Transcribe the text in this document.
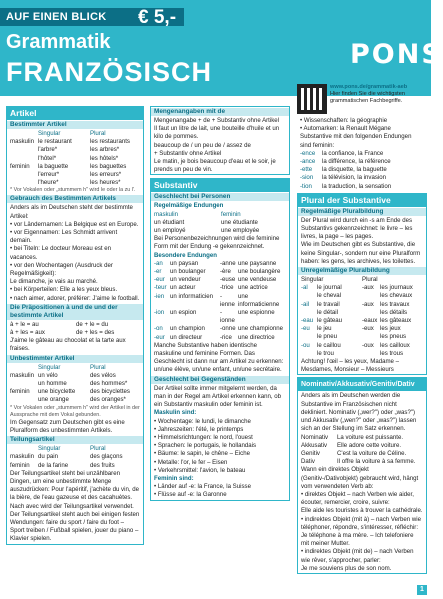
AUF EINEN BLICK	€ 5,-
Grammatik
FRANZÖSISCH
PONS
Artikel
Bestimmter Artikel
Singular	Plural
maskulin le restaurant	les restaurants
l'arbre*	les arbres*
l'hôtel*	les hôtels*
feminin	la baguette	les baguettes
l'erreur*	les erreurs*
l'heure*	les heures*
* Vor Vokalen oder „stummem h" wird le oder la zu l'.
Gebrauch des Bestimmten Artikels

Anders als im Deutschen steht der bestimmte Artikel:

• vor Ländernamen: La Belgique est en Europe.

• vor Eigennamen: Les Schmidt arrivent demain.

• bei Titeln: Le docteur Moreau est en vacances.

• vor den Wochentagen (Ausdruck der Regelmäßigkeit):

Le dimanche, je vais au marché.

• bei Körperteilen: Elle a les yeux bleus.

• nach aimer, adorer, préférer: J'aime le football.

Die Präpositionen à und de und der bestimmte Artikel
à + le = au	de + le = du
à + les = aux	de + les = des

J'aime le gâteau au chocolat et la tarte aux fraises.

Unbestimmter Artikel
Singular	Plural
maskulin un vélo	des vélos
un homme	des hommes*
feminin	une bicyclette	des bicyclettes
une orange	des oranges*
* Vor Vokalen oder „stummem h" wird der Artikel in der Aussprache mit dem Vokal gebunden.

Im Gegensatz zum Deutschen gibt es eine Pluralform des unbestimmten Artikels.

Teilungsartikel
Singular	Plural
maskulin du pain	des glaçons
feminin	de la farine	des fruits

Der Teilungsartikel steht bei unzählbaren Dingen, um eine unbestimmte Menge auszudrücken: Pour l'apéritif, j'achète du vin, de la bière, de l'eau gazeuse et des cacahuètes.

Nach avec wird der Teilungsartikel verwendet. Der Teilungsartikel steht auch bei einigen festen Wendungen: faire du sport / faire du foot – Sport treiben / Fußball spielen, jouer du piano – Klavier spielen.

Mengenangaben mit de
Mengenangabe + de + Substantiv ohne Artikel
Il faut un litre de lait, une bouteille d'huile et un kilo de pommes.
beaucoup de / un peu de / assez de
+ Substantiv ohne Artikel

Le matin, je bois beaucoup d'eau et le soir, je prends un peu de vin.

Substantiv
Geschlecht bei Personen

Regelmäßige Endungen

maskulin	feminin
un étudiant	une étudiante
un employé	une employée

Bei Personenbezeichnungen wird die feminine Form mit der Endung -e gekennzeichnet.

Besondere Endungen

-an	un paysan	-anne une paysanne
-er	un boulanger	-ère	une boulangère
-eur un vendeur	-euse une vendeuse
-teur un acteur	-trice une actrice
-ien un informaticien	-ienne
une informaticienne
-ion un espion	-ionne
une espionne
-on	un champion	-onne une championne
-eur un directeur	-rice	une directrice

Manche Substantive haben identische maskuline und feminine Formen. Das Geschlecht ist dann nur am Artikel zu erkennen: un/une élève, un/une enfant, un/une secrétaire.

Geschlecht bei Gegenständen

Der Artikel sollte immer mitgelernt werden, da man in der Regel am Artikel erkennen kann, ob ein Substantiv maskulin oder feminin ist.

Maskulin sind:

• Wochentage: le lundi, le dimanche

• Jahreszeiten: l'été, le printemps

• Himmelsrichtungen: le nord, l'ouest

• Sprachen: le portugais, le hollandais

• Bäume: le sapin, le chêne – Eiche

• Metalle: l'or, le fer – Eisen

• Verkehrsmittel: l'avion, le bateau

Feminin sind:

• Länder auf -e: la France, la Suisse

• Flüsse auf -e: la Garonne

www.pons.de/grammatik-aeb
Hier finden Sie die wichtigsten grammatischen Fachbegriffe.

• Wissenschaften: la géographie

• Automarken: la Renault Mégane

Substantive mit den folgenden Endungen sind feminin:

-ence	la confiance, la France
-ance	la différence, la référence
-ette	la disquette, la baguette
-sion	la télévision, la invasion
-tion	la traduction, la sensation
Plural der Substantive
Regelmäßige Pluralbildung

Der Plural wird durch ein -s am Ende des Substantivs gekennzeichnet: le livre – les livres, la page – les pages.

Wie im Deutschen gibt es Substantive, die keine Singular-, sondern nur eine Pluralform haben: les gens, les archives, les toilettes.

Unregelmäßige Pluralbildung
Singular	Plural
-al	le journal	-aux	les journaux
le cheval	les chevaux
-ail	le travail	-aux	les travaux
le détail	les détails
-eau le gâteau	-eaux les gâteaux
-eu	le jeu	-eux	les jeux
le pneu	les pneus
-ou	le caillou	-oux	les cailloux
le trou	les trous

Achtung! l'œil – les yeux, Madame – Mesdames, Monsieur – Messieurs

Nominativ/Akkusativ/Genitiv/Dativ

Anders als im Deutschen werden die Substantive im Französischen nicht dekliniert. Nominativ („wer?") oder „was?") und Akkusativ („wen?" oder „was?") lassen sich an der Stellung im Satz erkennen.

Nominativ	La voiture est puissante.
Akkusativ	Elle adore cette voiture.
Genitiv	C'est la voiture de Céline.
Dativ	Il offre la voiture à sa femme.

Wann ein direktes Objekt (Genitiv-/Dativobjekt) gebraucht wird, hängt vom verwendeten Verb ab:

• direktes Objekt – nach Verben wie aider, écouter, remercier, croire, suivre:

Elle aide les touristes à trouver la cathédrale.

• indirektes Objekt (mit à) – nach Verben wie téléphoner, répondre, s'intéresser, réfléchir:

Je téléphone à ma mère. – Ich telefoniere mit meiner Mutter.

• indirektes Objekt (mit de) – nach Verben wie rêver, s'approcher, parler:

Je me souviens plus de son nom.

1
